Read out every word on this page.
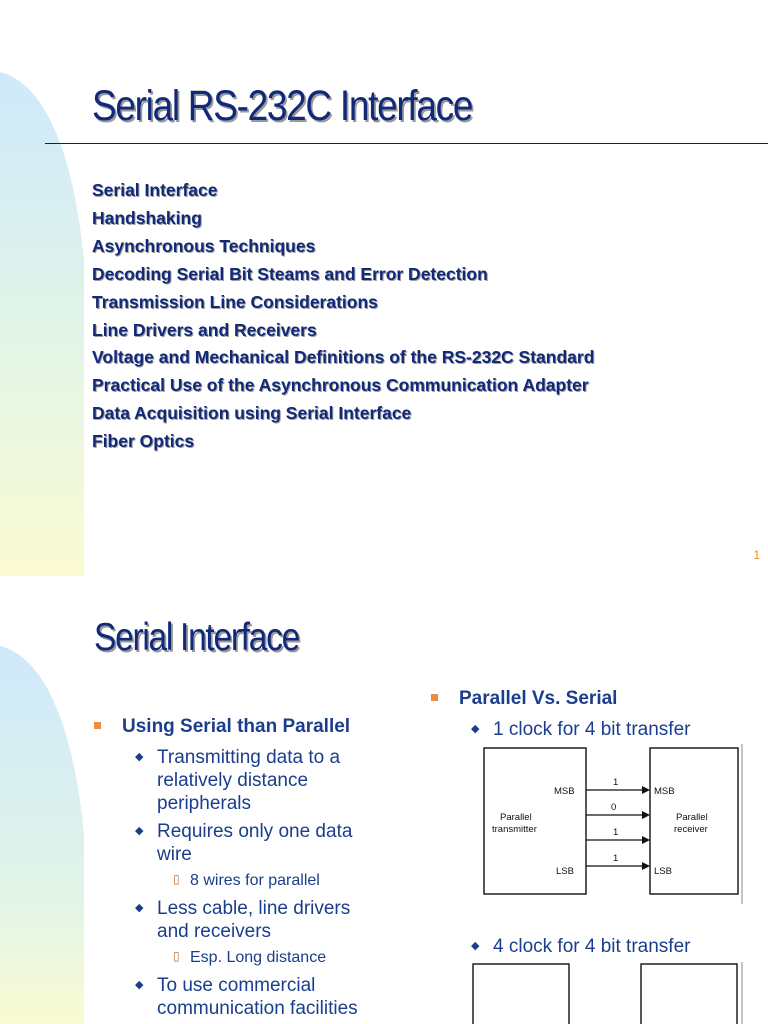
Serial RS-232C Interface
Serial Interface
Handshaking
Asynchronous Techniques
Decoding Serial Bit Steams and Error Detection
Transmission Line Considerations
Line Drivers and Receivers
Voltage and Mechanical Definitions of the RS-232C Standard
Practical Use of the Asynchronous Communication Adapter
Data Acquisition using Serial Interface
Fiber Optics
1
Serial Interface
Using Serial than Parallel
◆ Transmitting data to a relatively distance peripherals
◆ Requires only one data wire
▯ 8 wires for parallel
◆ Less cable, line drivers and receivers
▯ Esp. Long distance
◆ To use commercial communication facilities
Parallel Vs. Serial
◆ 1 clock for 4 bit transfer
Parallel
transmitter
Parallel
receiver
MSB	MSB
LSB	LSB
1
0
1
1
◆ 4 clock for 4 bit transfer
